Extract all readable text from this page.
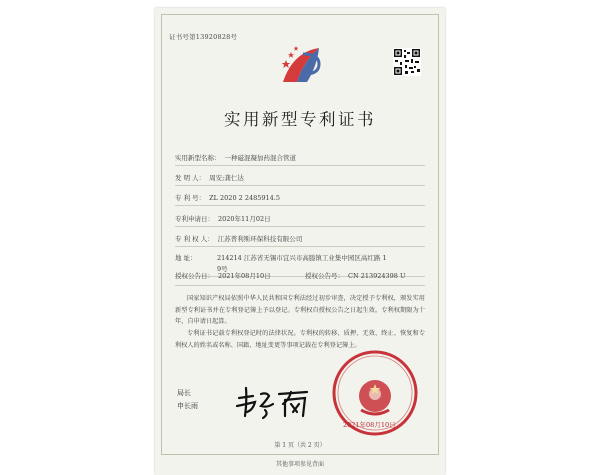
证书号第13920828号
实用新型专利证书
实用新型名称： 一种磁混凝加药混合管道
发 明 人： 周安;龚仁达
专 利 号： ZL 2020 2 2485914.5
专利申请日： 2020年11月02日
专 利 权 人： 江苏普利斯环保科技有限公司
地 址：	214214 江苏省无锡市宜兴市高塍镇工业集中园区高红路 1
9号
授权公告日： 2021年08月10日	授权公告号： CN 213924398 U
国家知识产权局依照中华人民共和国专利法经过初步审查，决定授予专利权，颁发实用新型专利证书并在专利登记簿上予以登记。专利权自授权公告之日起生效。专利权期限为十年，自申请日起算。
专利证书记载专利权登记时的法律状况。专利权的转移、质押、无效、终止、恢复和专利权人的姓名或名称、国籍、地址变更等事项记载在专利登记簿上。
局长
申长雨
2021年08月10日
第 1 页（共 2 页）
其他事项参见背面
